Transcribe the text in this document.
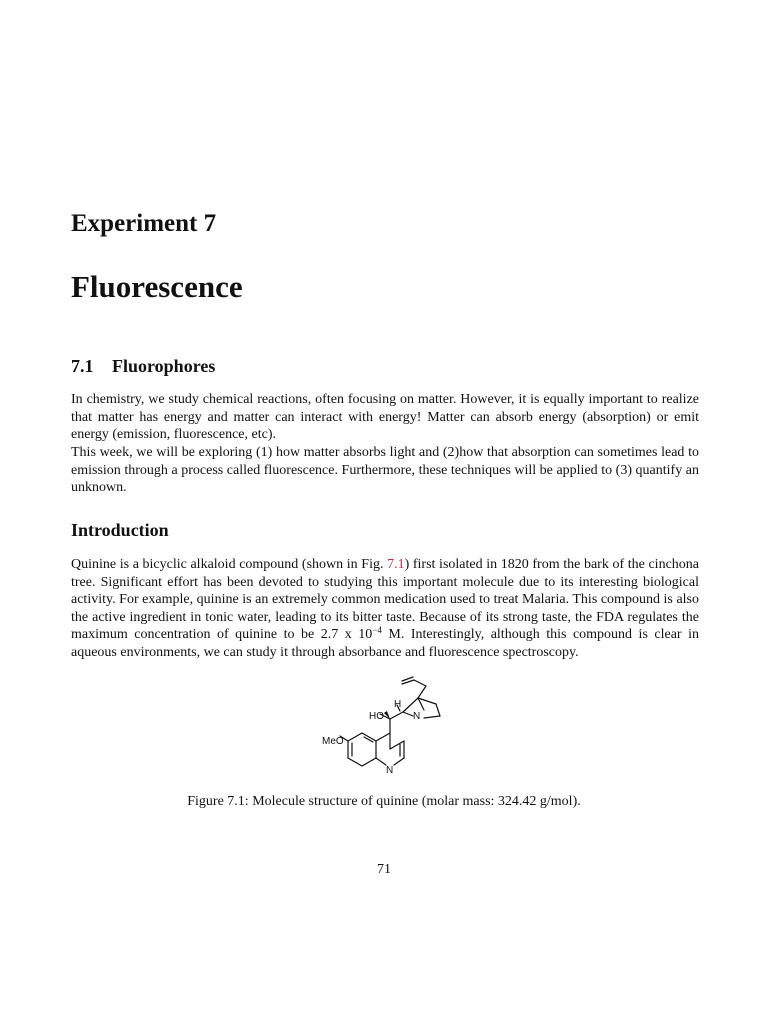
Experiment 7
Fluorescence
7.1 Fluorophores

In chemistry, we study chemical reactions, often focusing on matter. However, it is equally important to realize that matter has energy and matter can interact with energy! Matter can absorb energy (absorption) or emit energy (emission, fluorescence, etc).

This week, we will be exploring (1) how matter absorbs light and (2)how that absorption can sometimes lead to emission through a process called fluorescence. Furthermore, these techniques will be applied to (3) quantify an unknown.

Introduction

Quinine is a bicyclic alkaloid compound (shown in Fig. 7.1) first isolated in 1820 from the bark of the cinchona tree. Significant effort has been devoted to studying this important molecule due to its interesting biological activity. For example, quinine is an extremely common medication used to treat Malaria. This compound is also the active ingredient in tonic water, leading to its bitter taste. Because of its strong taste, the FDA regulates the maximum concentration of quinine to be 2.7 x $10^{-4}$ M. Interestingly, although this compound is clear in aqueous environments, we can study it through absorbance and fluorescence spectroscopy.

HO
H
N
MeO
N

Figure 7.1: Molecule structure of quinine (molar mass: 324.42 g/mol).

71
